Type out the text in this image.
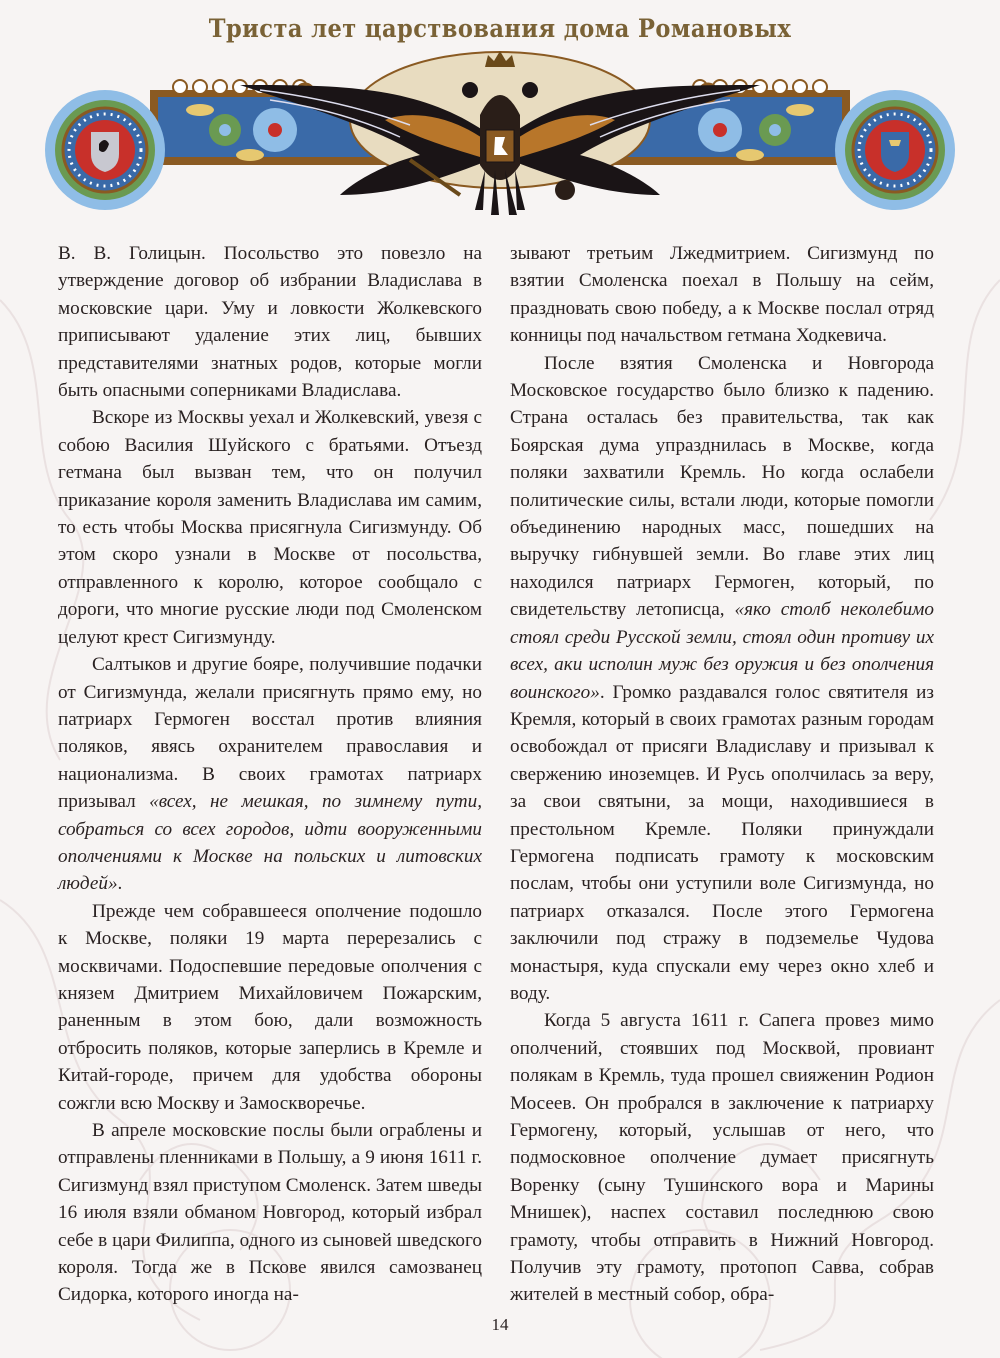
Триста лет царствования дома Романовых

В. В. Голицын. Посольство это повезло на утверждение договор об избрании Владислава в московские цари. Уму и ловкости Жолкевского приписывают удаление этих лиц, бывших представителями знатных родов, которые могли быть опасными соперниками Владислава.

Вскоре из Москвы уехал и Жолкевский, увезя с собою Василия Шуйского с братьями. Отъезд гетмана был вызван тем, что он получил приказание короля заменить Владислава им самим, то есть чтобы Москва присягнула Сигизмунду. Об этом скоро узнали в Москве от посольства, отправленного к королю, которое сообщало с дороги, что многие русские люди под Смоленском целуют крест Сигизмунду.

Салтыков и другие бояре, получившие подачки от Сигизмунда, желали присягнуть прямо ему, но патриарх Гермоген восстал против влияния поляков, явясь охранителем православия и национализма. В своих грамотах патриарх призывал «всех, не мешкая, по зимнему пути, собраться со всех городов, идти вооруженными ополчениями к Москве на польских и литовских людей».

Прежде чем собравшееся ополчение подошло к Москве, поляки 19 марта перерезались с москвичами. Подоспевшие передовые ополчения с князем Дмитрием Михайловичем Пожарским, раненным в этом бою, дали возможность отбросить поляков, которые заперлись в Кремле и Китай-городе, причем для удобства обороны сожгли всю Москву и Замоскворечье.

В апреле московские послы были ограблены и отправлены пленниками в Польшу, а 9 июня 1611 г. Сигизмунд взял приступом Смоленск. Затем шведы 16 июля взяли обманом Новгород, который избрал себе в цари Филиппа, одного из сыновей шведского короля. Тогда же в Пскове явился самозванец Сидорка, которого иногда на-

зывают третьим Лжедмитрием. Сигизмунд по взятии Смоленска поехал в Польшу на сейм, праздновать свою победу, а к Москве послал отряд конницы под начальством гетмана Ходкевича.

После взятия Смоленска и Новгорода Московское государство было близко к падению. Страна осталась без правительства, так как Боярская дума упразднилась в Москве, когда поляки захватили Кремль. Но когда ослабели политические силы, встали люди, которые помогли объединению народных масс, пошедших на выручку гибнувшей земли. Во главе этих лиц находился патриарх Гермоген, который, по свидетельству летописца, «яко столб неколебимо стоял среди Русской земли, стоял один противу их всех, аки исполин муж без оружия и без ополчения воинского». Громко раздавался голос святителя из Кремля, который в своих грамотах разным городам освобождал от присяги Владиславу и призывал к свержению иноземцев. И Русь ополчилась за веру, за свои святыни, за мощи, находившиеся в престольном Кремле. Поляки принуждали Гермогена подписать грамоту к московским послам, чтобы они уступили воле Сигизмунда, но патриарх отказался. После этого Гермогена заключили под стражу в подземелье Чудова монастыря, куда спускали ему через окно хлеб и воду.

Когда 5 августа 1611 г. Сапега провез мимо ополчений, стоявших под Москвой, провиант полякам в Кремль, туда прошел свияженин Родион Мосеев. Он пробрался в заключение к патриарху Гермогену, который, услышав от него, что подмосковное ополчение думает присягнуть Воренку (сыну Тушинского вора и Марины Мнишек), наспех составил последнюю свою грамоту, чтобы отправить в Нижний Новгород. Получив эту грамоту, протопоп Савва, собрав жителей в местный собор, обра-

14
